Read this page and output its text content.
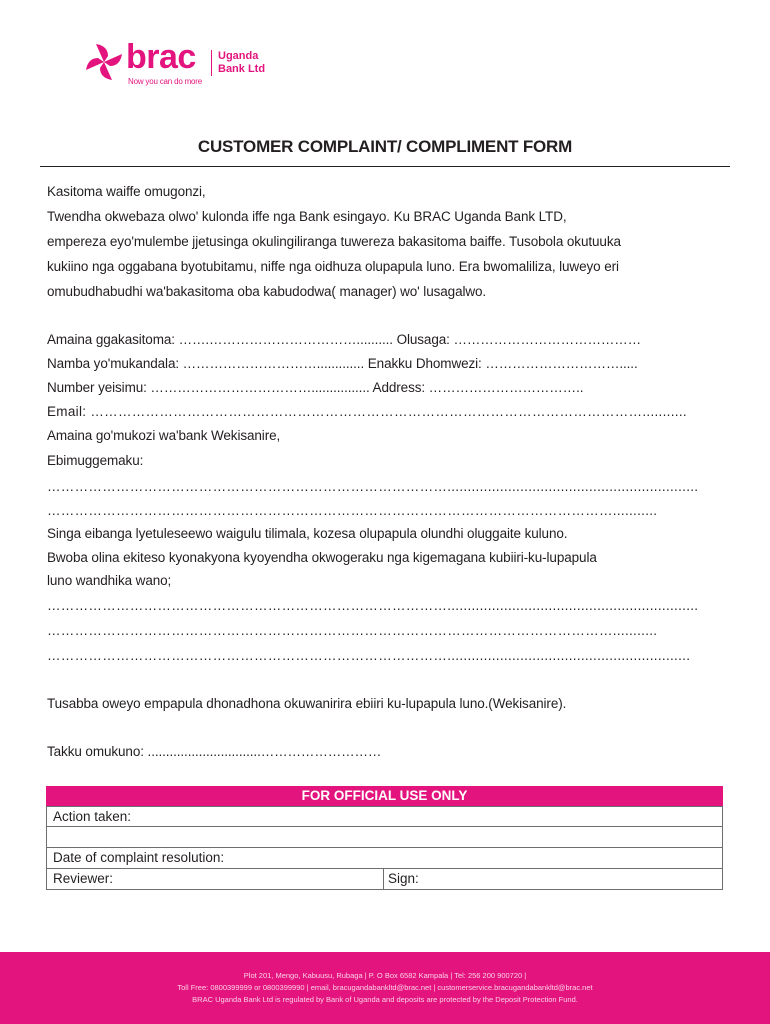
brac Uganda
Bank Ltd
Now you can do more
CUSTOMER COMPLAINT/ COMPLIMENT FORM
Kasitoma waiffe omugonzi,
Twendha okwebaza olwo' kulonda iffe nga Bank esingayo. Ku BRAC Uganda Bank LTD,
empereza eyo'mulembe jjetusinga okulingiliranga tuwereza bakasitoma baiffe. Tusobola okutuuka
kukiino nga oggabana byotubitamu, niffe nga oidhuza olupapula luno. Era bwomaliliza, luweyo eri
omubudhabudhi wa'bakasitoma oba kabudodwa( manager) wo' lusagalwo.
Amaina ggakasitoma: …….…………………………….......... Olusaga: ……………………………………
Namba yo'mukandala: …………………………............. Enakku Dhomwezi: ………………………….....
Number yeisimu: ………………………………................ Address: ……………………………..
Email: …………………………………………………………………………………………………………...........
Amaina go'mukozi wa'bank Wekisanire,
Ebimuggemaku:
……………………………………………………………………………..............................................................
……………………………………………………………………………………………………………...........
Singa eibanga lyetuleseewo waigulu tilimala, kozesa olupapula olundhi oluggaite kuluno.
Bwoba olina ekiteso kyonakyona kyoyendha okwogeraku nga kigemagana kubiiri-ku-lupapula
luno wandhika wano;
……………………………………………………………………………..............................................................
……………………………………………………………………………………………………………...........
……………………………………………………………………………............................................................
Tusabba oweyo empapula dhonadhona okuwanirira ebiiri ku-lupapula luno.(Wekisanire).
Takku omukuno: ...............................………………………
FOR OFFICIAL USE ONLY
Action taken:
Date of complaint resolution:
Reviewer:	Sign:
Plot 201, Mengo, Kabuusu, Rubaga | P. O Box 6582 Kampala | Tel: 256 200 900720 |
Toll Free: 0800399999 or 0800399990 | email, bracugandabankltd@brac.net | customerservice.bracugandabankltd@brac.net
BRAC Uganda Bank Ltd is regulated by Bank of Uganda and deposits are protected by the Deposit Protection Fund.
